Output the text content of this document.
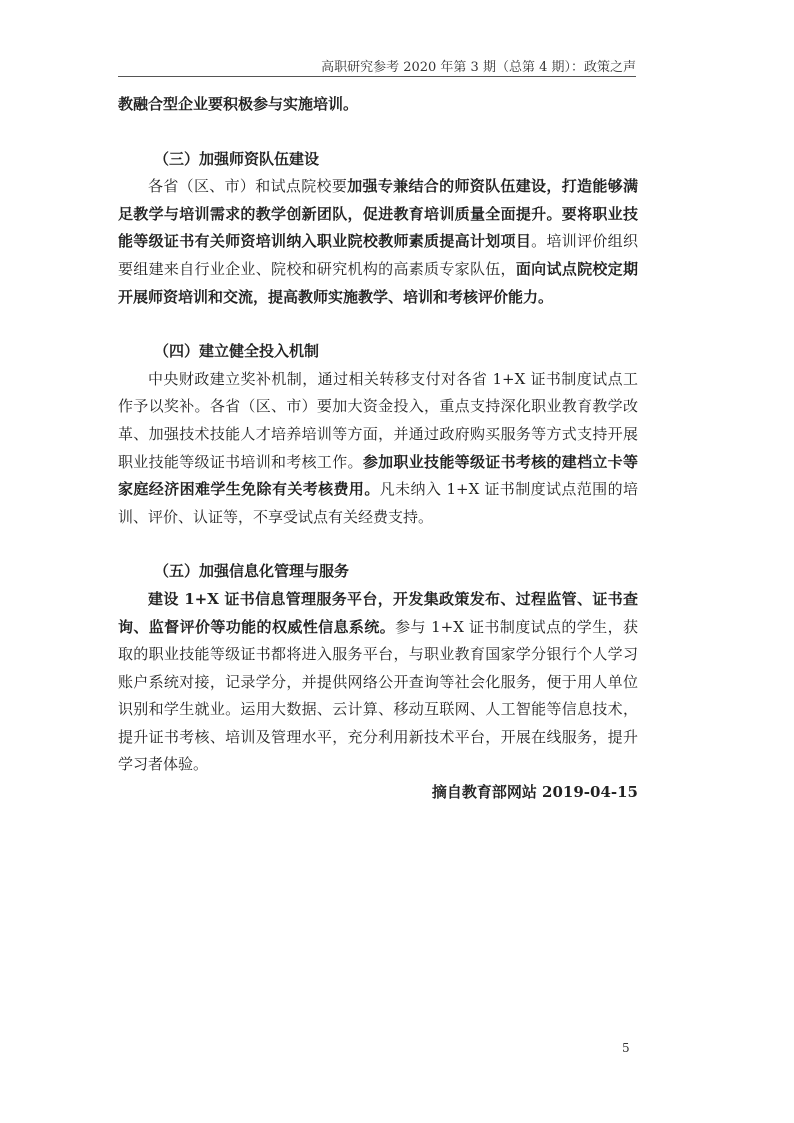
高职研究参考 2020 年第 3 期（总第 4 期）：政策之声

教融合型企业要积极参与实施培训。

（三）加强师资队伍建设

各省（区、市）和试点院校要加强专兼结合的师资队伍建设，打造能够满足教学与培训需求的教学创新团队，促进教育培训质量全面提升。要将职业技能等级证书有关师资培训纳入职业院校教师素质提高计划项目。培训评价组织要组建来自行业企业、院校和研究机构的高素质专家队伍，面向试点院校定期开展师资培训和交流，提高教师实施教学、培训和考核评价能力。

（四）建立健全投入机制

中央财政建立奖补机制，通过相关转移支付对各省 1+X 证书制度试点工作予以奖补。各省（区、市）要加大资金投入，重点支持深化职业教育教学改革、加强技术技能人才培养培训等方面，并通过政府购买服务等方式支持开展职业技能等级证书培训和考核工作。参加职业技能等级证书考核的建档立卡等家庭经济困难学生免除有关考核费用。凡未纳入 1+X 证书制度试点范围的培训、评价、认证等，不享受试点有关经费支持。

（五）加强信息化管理与服务

建设 1+X 证书信息管理服务平台，开发集政策发布、过程监管、证书查询、监督评价等功能的权威性信息系统。参与 1+X 证书制度试点的学生，获取的职业技能等级证书都将进入服务平台，与职业教育国家学分银行个人学习账户系统对接，记录学分，并提供网络公开查询等社会化服务，便于用人单位识别和学生就业。运用大数据、云计算、移动互联网、人工智能等信息技术，提升证书考核、培训及管理水平，充分利用新技术平台，开展在线服务，提升学习者体验。

摘自教育部网站 2019-04-15

5
